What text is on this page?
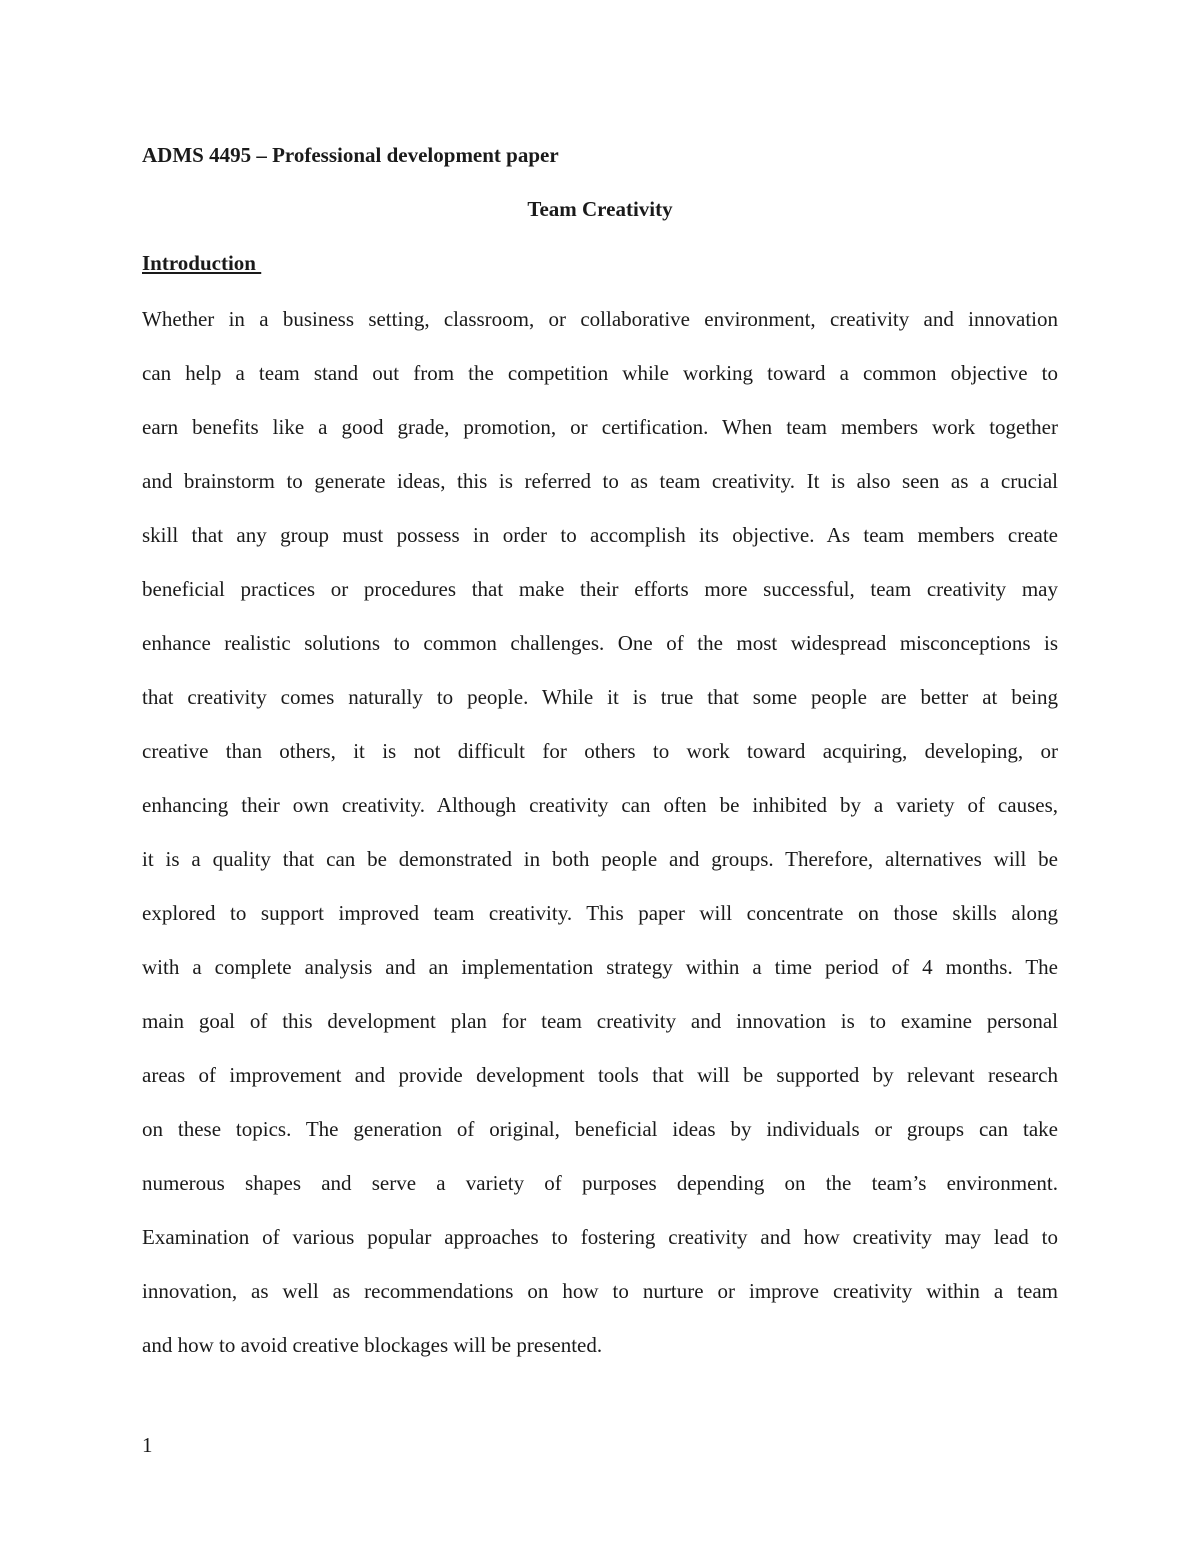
ADMS 4495 – Professional development paper
Team Creativity
Introduction
Whether in a business setting, classroom, or collaborative environment, creativity and innovation
can help a team stand out from the competition while working toward a common objective to
earn benefits like a good grade, promotion, or certification. When team members work together
and brainstorm to generate ideas, this is referred to as team creativity. It is also seen as a crucial
skill that any group must possess in order to accomplish its objective. As team members create
beneficial practices or procedures that make their efforts more successful, team creativity may
enhance realistic solutions to common challenges. One of the most widespread misconceptions is
that creativity comes naturally to people. While it is true that some people are better at being
creative than others, it is not difficult for others to work toward acquiring, developing, or
enhancing their own creativity. Although creativity can often be inhibited by a variety of causes,
it is a quality that can be demonstrated in both people and groups. Therefore, alternatives will be
explored to support improved team creativity. This paper will concentrate on those skills along
with a complete analysis and an implementation strategy within a time period of 4 months. The
main goal of this development plan for team creativity and innovation is to examine personal
areas of improvement and provide development tools that will be supported by relevant research
on these topics. The generation of original, beneficial ideas by individuals or groups can take
numerous shapes and serve a variety of purposes depending on the team’s environment.
Examination of various popular approaches to fostering creativity and how creativity may lead to
innovation, as well as recommendations on how to nurture or improve creativity within a team
and how to avoid creative blockages will be presented.
1
